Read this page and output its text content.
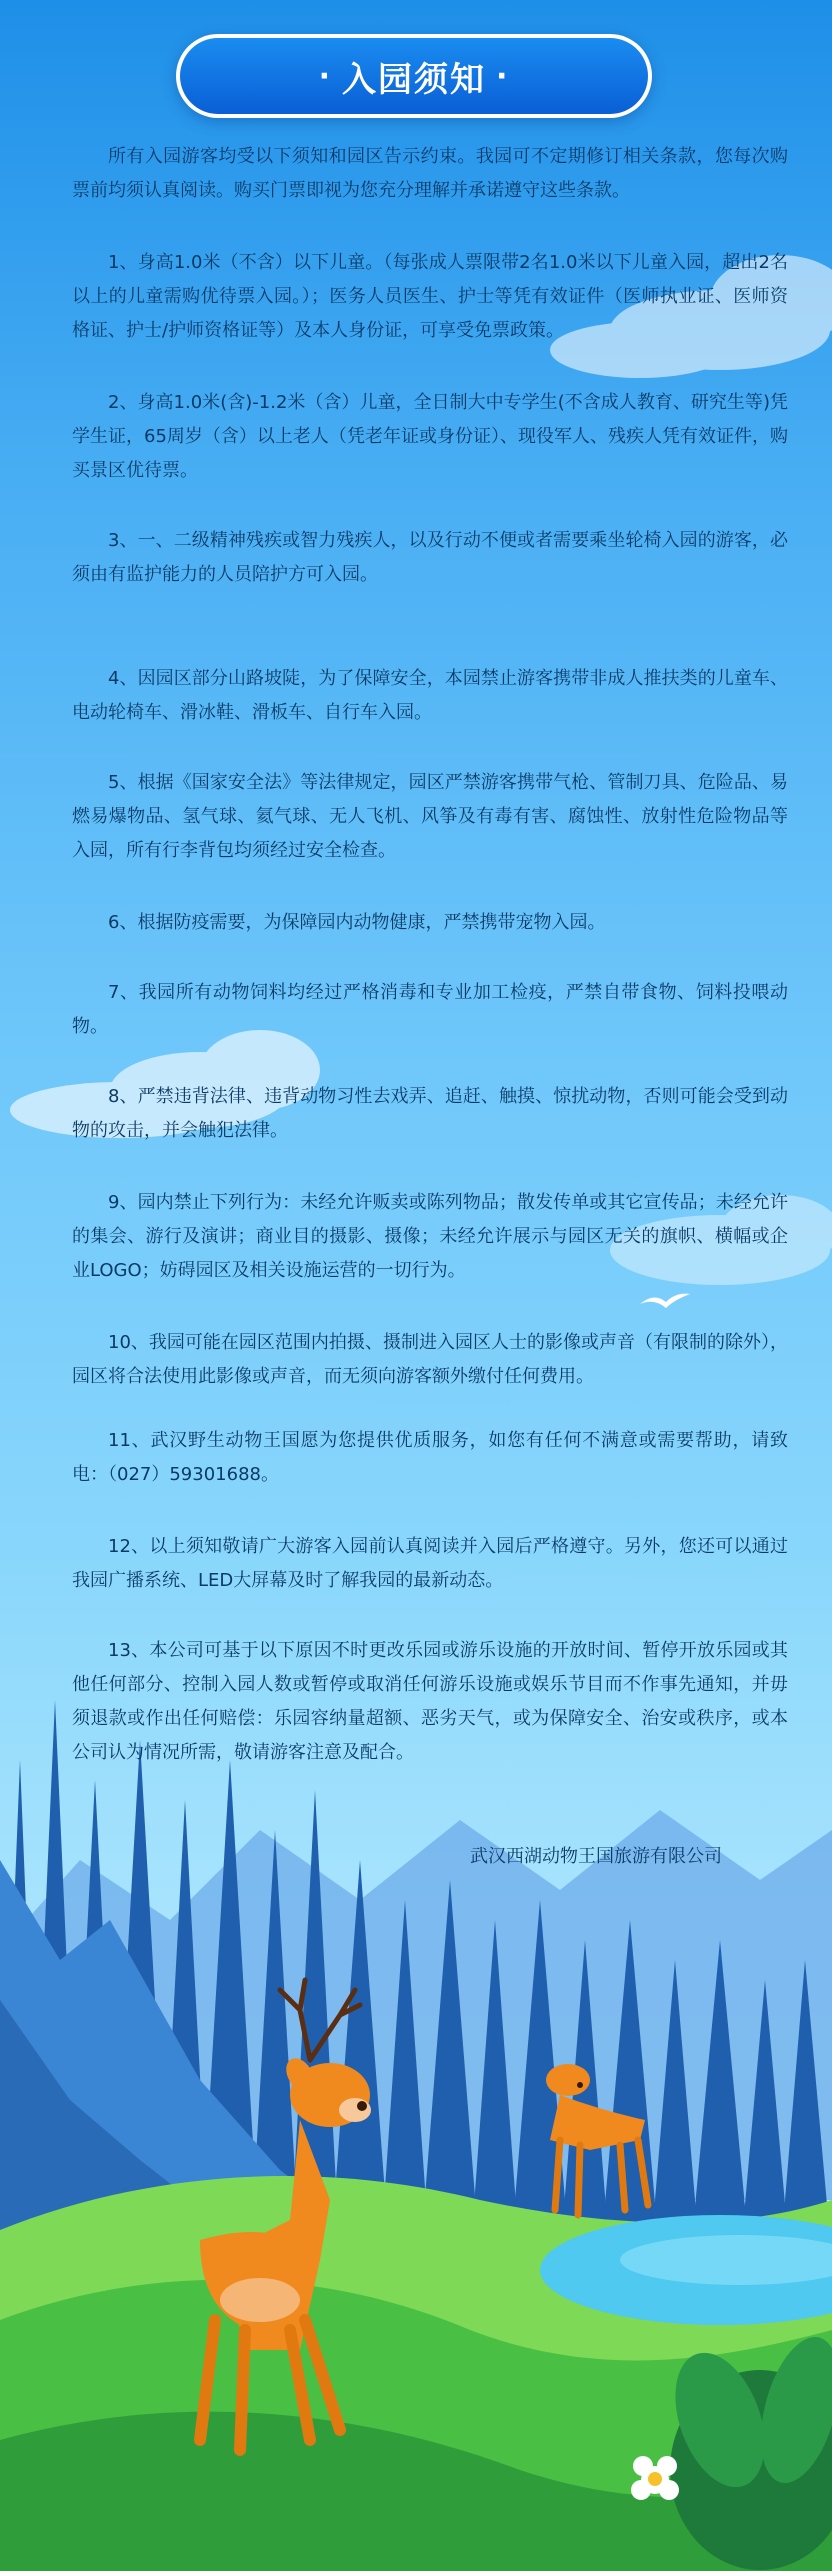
· 入园须知 ·

所有入园游客均受以下须知和园区告示约束。我园可不定期修订相关条款，您每次购票前均须认真阅读。购买门票即视为您充分理解并承诺遵守这些条款。

1、身高1.0米（不含）以下儿童。（每张成人票限带2名1.0米以下儿童入园，超出2名以上的儿童需购优待票入园。）；医务人员医生、护士等凭有效证件（医师执业证、医师资格证、护士/护师资格证等）及本人身份证，可享受免票政策。

2、身高1.0米(含)-1.2米（含）儿童，全日制大中专学生(不含成人教育、研究生等)凭学生证，65周岁（含）以上老人（凭老年证或身份证）、现役军人、残疾人凭有效证件，购买景区优待票。

3、一、二级精神残疾或智力残疾人，以及行动不便或者需要乘坐轮椅入园的游客，必须由有监护能力的人员陪护方可入园。

4、因园区部分山路坡陡，为了保障安全，本园禁止游客携带非成人推扶类的儿童车、电动轮椅车、滑冰鞋、滑板车、自行车入园。

5、根据《国家安全法》等法律规定，园区严禁游客携带气枪、管制刀具、危险品、易燃易爆物品、氢气球、氦气球、无人飞机、风筝及有毒有害、腐蚀性、放射性危险物品等入园，所有行李背包均须经过安全检查。

6、根据防疫需要，为保障园内动物健康，严禁携带宠物入园。

7、我园所有动物饲料均经过严格消毒和专业加工检疫，严禁自带食物、饲料投喂动物。

8、严禁违背法律、违背动物习性去戏弄、追赶、触摸、惊扰动物，否则可能会受到动物的攻击，并会触犯法律。

9、园内禁止下列行为：未经允许贩卖或陈列物品；散发传单或其它宣传品；未经允许的集会、游行及演讲；商业目的摄影、摄像；未经允许展示与园区无关的旗帜、横幅或企业LOGO；妨碍园区及相关设施运营的一切行为。

10、我园可能在园区范围内拍摄、摄制进入园区人士的影像或声音（有限制的除外），园区将合法使用此影像或声音，而无须向游客额外缴付任何费用。

11、武汉野生动物王国愿为您提供优质服务，如您有任何不满意或需要帮助，请致电：（027）59301688。

12、以上须知敬请广大游客入园前认真阅读并入园后严格遵守。另外，您还可以通过我园广播系统、LED大屏幕及时了解我园的最新动态。

13、本公司可基于以下原因不时更改乐园或游乐设施的开放时间、暂停开放乐园或其他任何部分、控制入园人数或暂停或取消任何游乐设施或娱乐节目而不作事先通知，并毋须退款或作出任何赔偿：乐园容纳量超额、恶劣天气，或为保障安全、治安或秩序，或本公司认为情况所需，敬请游客注意及配合。

武汉西湖动物王国旅游有限公司
